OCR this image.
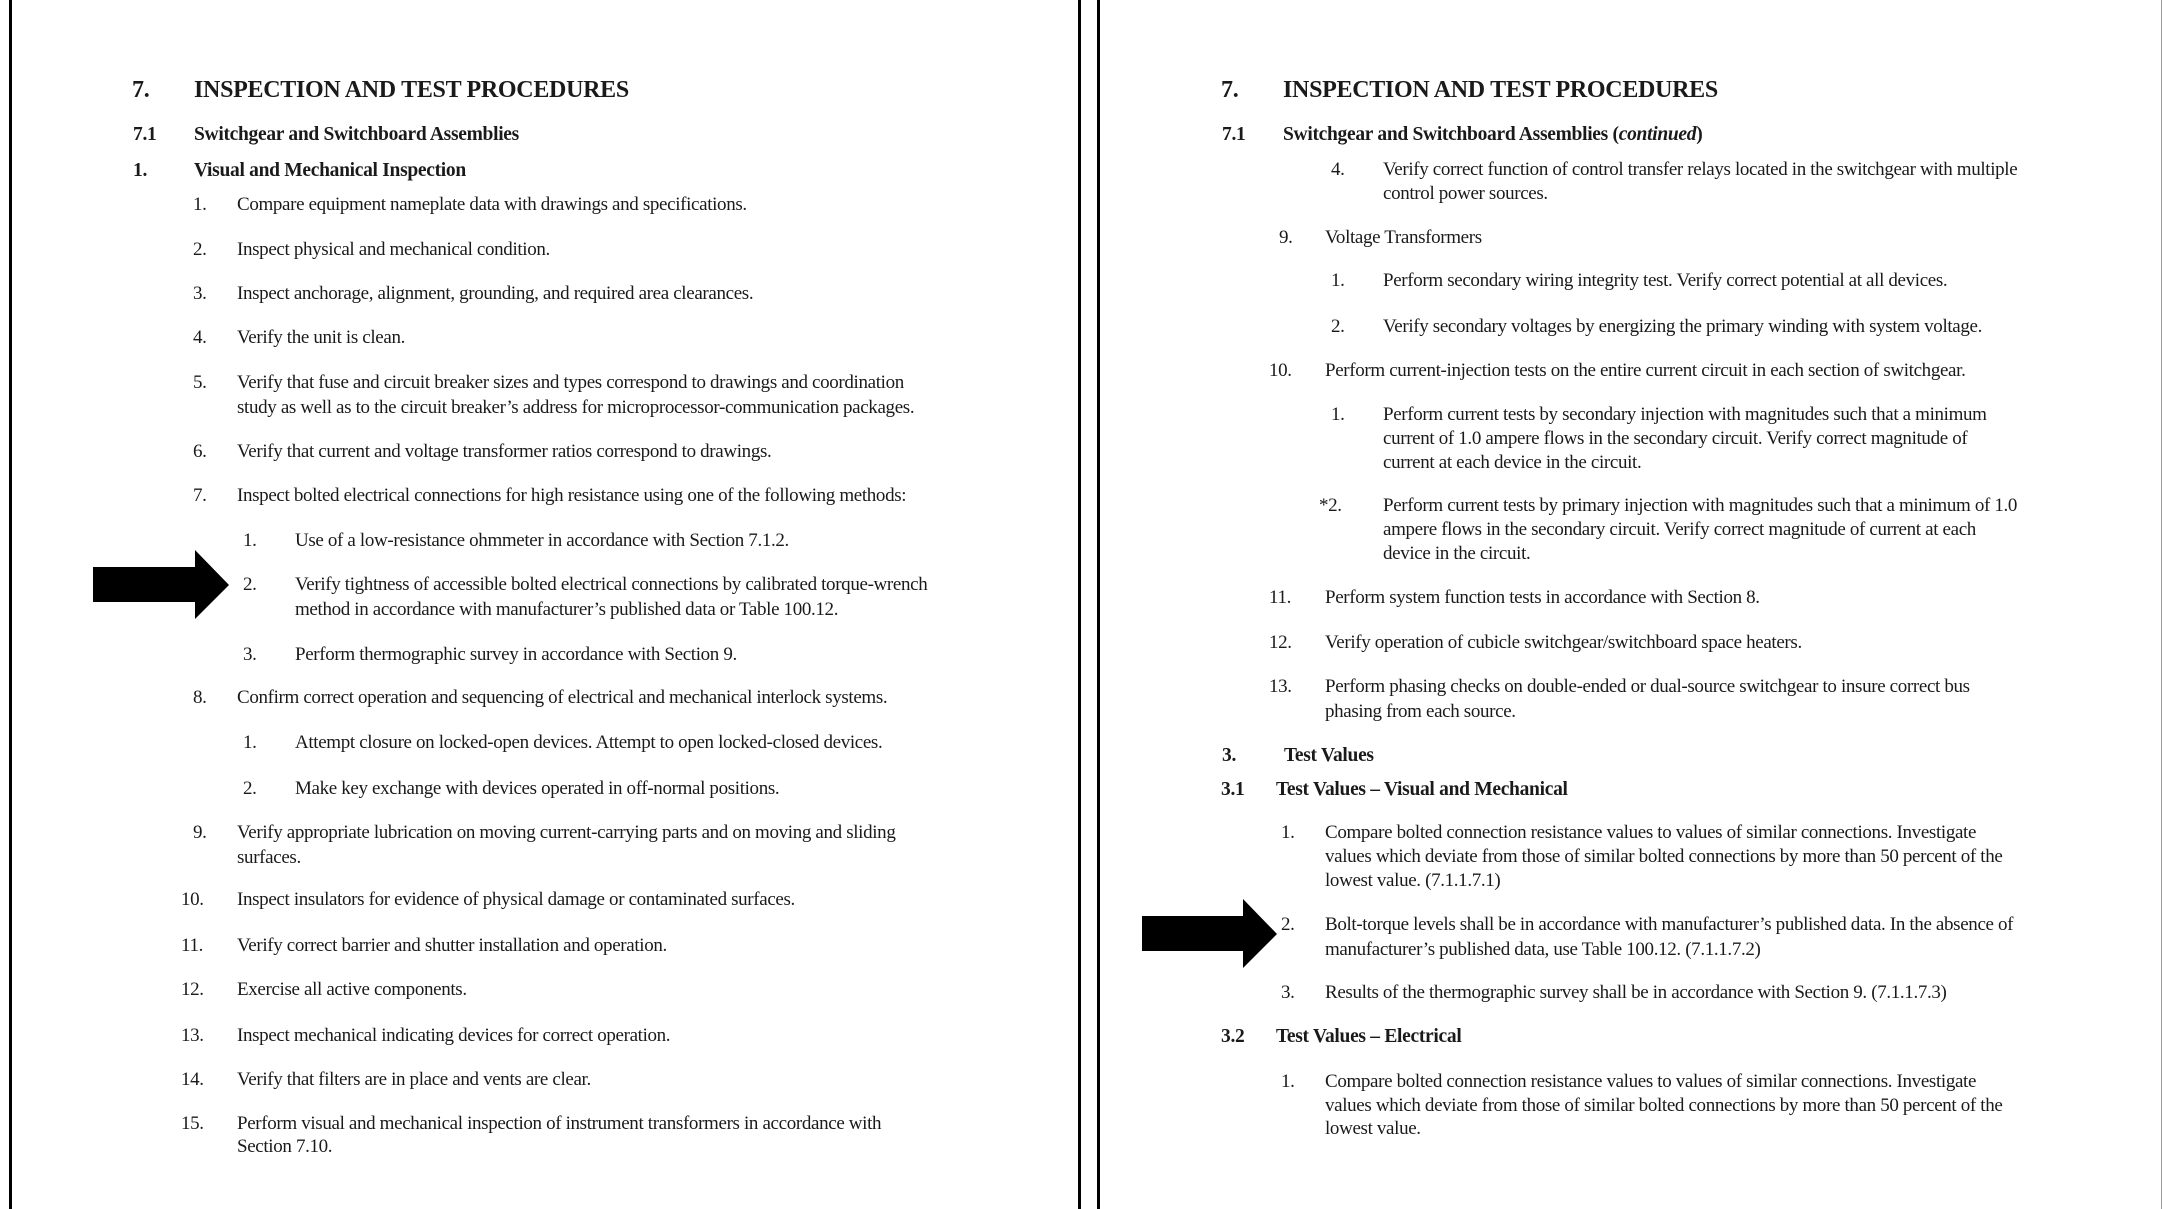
7. INSPECTION AND TEST PROCEDURES
7.1 Switchgear and Switchboard Assemblies
1. Visual and Mechanical Inspection
1. Compare equipment nameplate data with drawings and specifications.
2. Inspect physical and mechanical condition.
3. Inspect anchorage, alignment, grounding, and required area clearances.
4. Verify the unit is clean.
5. Verify that fuse and circuit breaker sizes and types correspond to drawings and coordination
study as well as to the circuit breaker’s address for microprocessor-communication packages.
6. Verify that current and voltage transformer ratios correspond to drawings.
7. Inspect bolted electrical connections for high resistance using one of the following methods:
1. Use of a low-resistance ohmmeter in accordance with Section 7.1.2.
2. Verify tightness of accessible bolted electrical connections by calibrated torque-wrench
method in accordance with manufacturer’s published data or Table 100.12.
3. Perform thermographic survey in accordance with Section 9.
8. Confirm correct operation and sequencing of electrical and mechanical interlock systems.
1. Attempt closure on locked-open devices. Attempt to open locked-closed devices.
2. Make key exchange with devices operated in off-normal positions.
9. Verify appropriate lubrication on moving current-carrying parts and on moving and sliding
surfaces.
10. Inspect insulators for evidence of physical damage or contaminated surfaces.
11. Verify correct barrier and shutter installation and operation.
12. Exercise all active components.
13. Inspect mechanical indicating devices for correct operation.
14. Verify that filters are in place and vents are clear.
15. Perform visual and mechanical inspection of instrument transformers in accordance with
Section 7.10.
7. INSPECTION AND TEST PROCEDURES
7.1 Switchgear and Switchboard Assemblies (continued)
4. Verify correct function of control transfer relays located in the switchgear with multiple
control power sources.
9. Voltage Transformers
1. Perform secondary wiring integrity test. Verify correct potential at all devices.
2. Verify secondary voltages by energizing the primary winding with system voltage.
10. Perform current-injection tests on the entire current circuit in each section of switchgear.
1. Perform current tests by secondary injection with magnitudes such that a minimum
current of 1.0 ampere flows in the secondary circuit. Verify correct magnitude of
current at each device in the circuit.
*2. Perform current tests by primary injection with magnitudes such that a minimum of 1.0
ampere flows in the secondary circuit. Verify correct magnitude of current at each
device in the circuit.
11. Perform system function tests in accordance with Section 8.
12. Verify operation of cubicle switchgear/switchboard space heaters.
13. Perform phasing checks on double-ended or dual-source switchgear to insure correct bus
phasing from each source.
3. Test Values
3.1 Test Values – Visual and Mechanical
1. Compare bolted connection resistance values to values of similar connections. Investigate
values which deviate from those of similar bolted connections by more than 50 percent of the
lowest value. (7.1.1.7.1)
2. Bolt-torque levels shall be in accordance with manufacturer’s published data. In the absence of
manufacturer’s published data, use Table 100.12. (7.1.1.7.2)
3. Results of the thermographic survey shall be in accordance with Section 9. (7.1.1.7.3)
3.2 Test Values – Electrical
1. Compare bolted connection resistance values to values of similar connections. Investigate
values which deviate from those of similar bolted connections by more than 50 percent of the
lowest value.
